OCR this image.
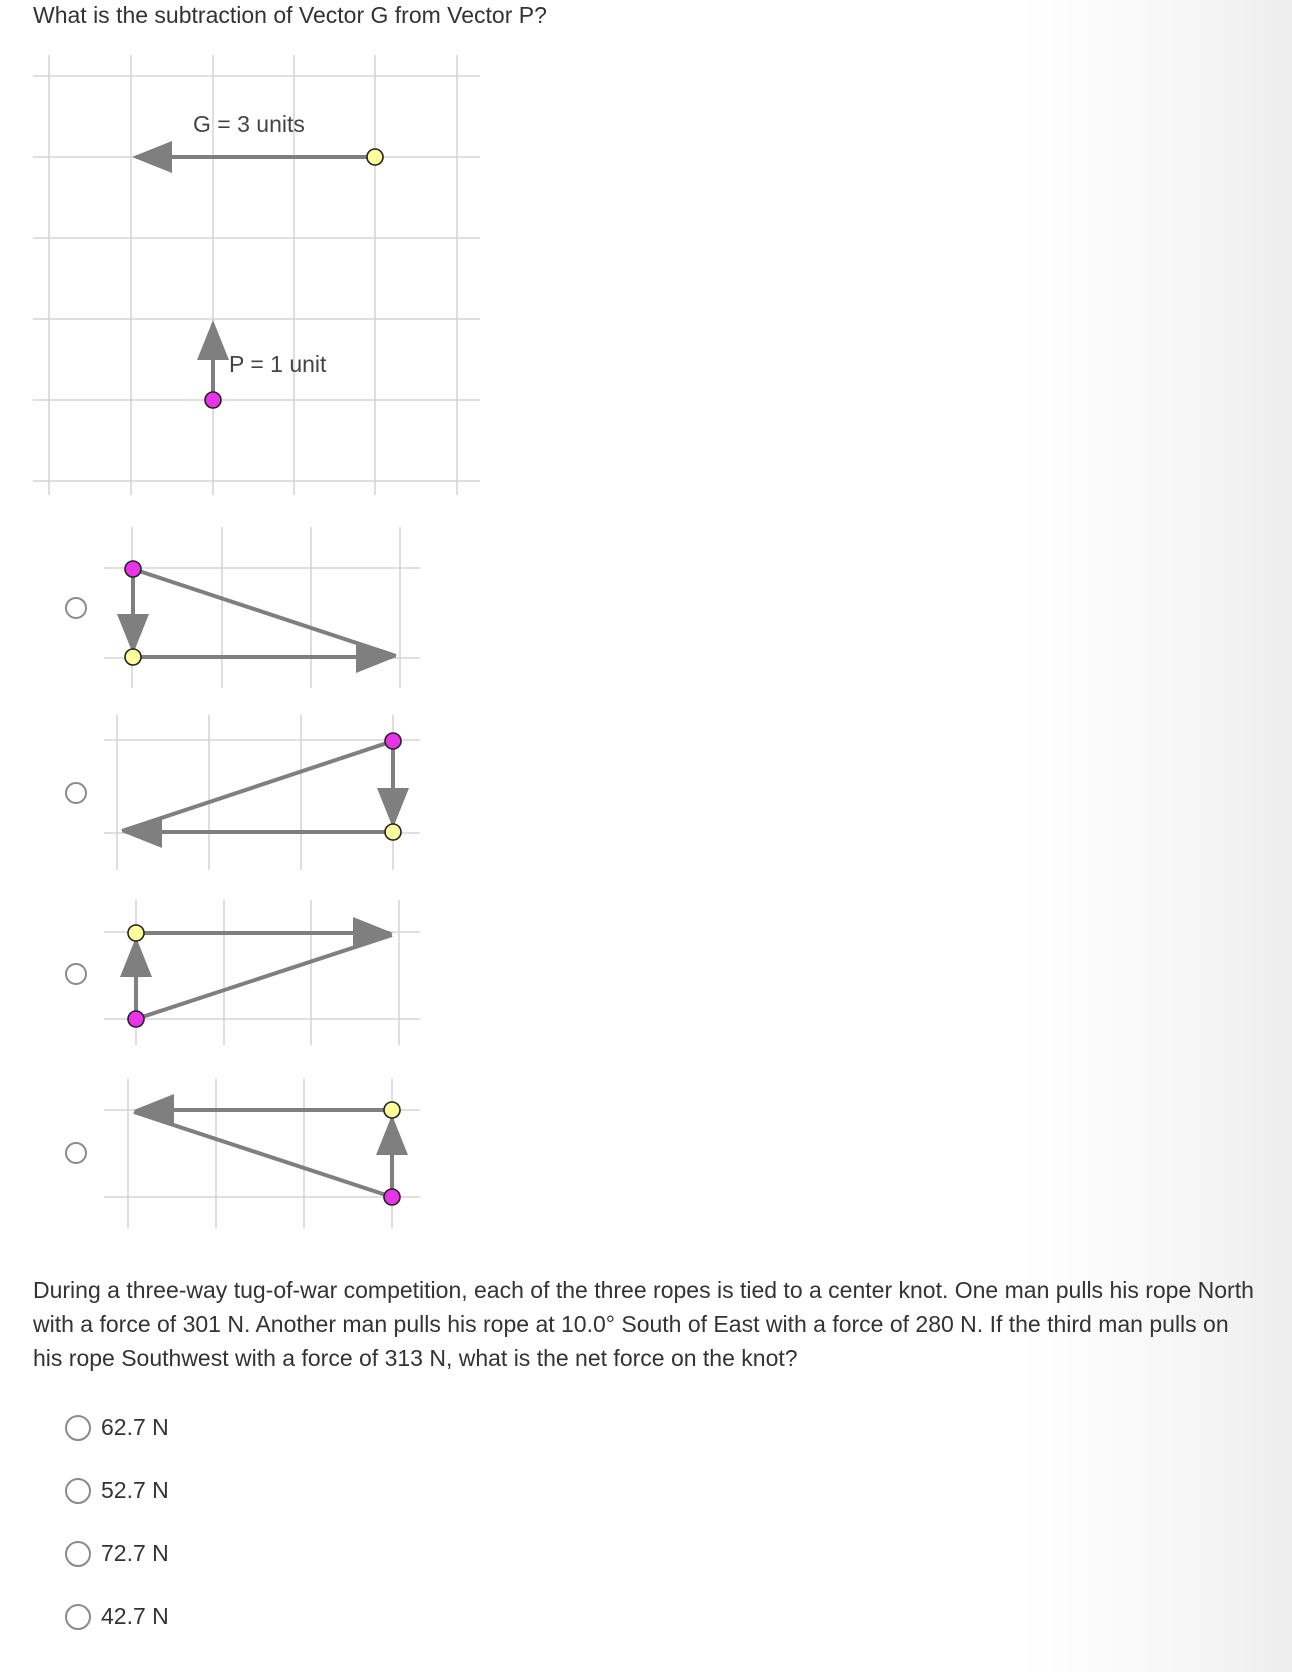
What is the subtraction of Vector G from Vector P?

G = 3 units
P = 1 unit

During a three-way tug-of-war competition, each of the three ropes is tied to a center knot. One man pulls his rope North with a force of 301 N. Another man pulls his rope at 10.0° South of East with a force of 280 N. If the third man pulls on his rope Southwest with a force of 313 N, what is the net force on the knot?

62.7 N
52.7 N
72.7 N
42.7 N
